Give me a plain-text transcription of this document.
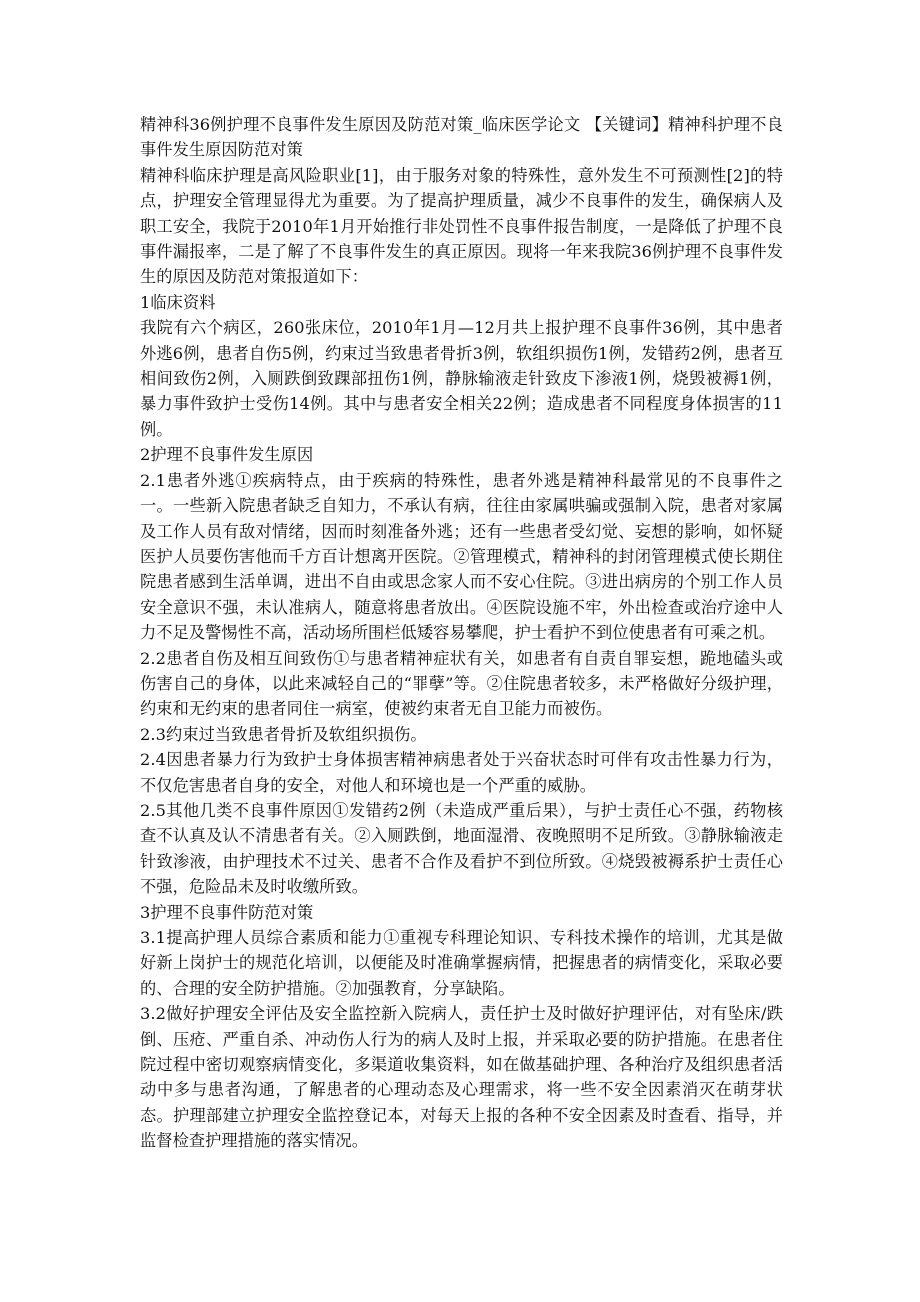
精神科36例护理不良事件发生原因及防范对策_临床医学论文 【关键词】精神科护理不良事件发生原因防范对策

精神科临床护理是高风险职业[1]，由于服务对象的特殊性，意外发生不可预测性[2]的特点，护理安全管理显得尤为重要。为了提高护理质量，减少不良事件的发生，确保病人及职工安全，我院于2010年1月开始推行非处罚性不良事件报告制度，一是降低了护理不良事件漏报率，二是了解了不良事件发生的真正原因。现将一年来我院36例护理不良事件发生的原因及防范对策报道如下：

1临床资料

我院有六个病区，260张床位，2010年1月—12月共上报护理不良事件36例，其中患者外逃6例，患者自伤5例，约束过当致患者骨折3例，软组织损伤1例，发错药2例，患者互相间致伤2例，入厕跌倒致踝部扭伤1例，静脉输液走针致皮下渗液1例，烧毁被褥1例，暴力事件致护士受伤14例。其中与患者安全相关22例；造成患者不同程度身体损害的11例。

2护理不良事件发生原因

2.1患者外逃①疾病特点，由于疾病的特殊性，患者外逃是精神科最常见的不良事件之一。一些新入院患者缺乏自知力，不承认有病，往往由家属哄骗或强制入院，患者对家属及工作人员有敌对情绪，因而时刻准备外逃；还有一些患者受幻觉、妄想的影响，如怀疑医护人员要伤害他而千方百计想离开医院。②管理模式，精神科的封闭管理模式使长期住院患者感到生活单调，进出不自由或思念家人而不安心住院。③进出病房的个别工作人员安全意识不强，未认准病人，随意将患者放出。④医院设施不牢，外出检查或治疗途中人力不足及警惕性不高，活动场所围栏低矮容易攀爬，护士看护不到位使患者有可乘之机。

2.2患者自伤及相互间致伤①与患者精神症状有关，如患者有自责自罪妄想，跪地磕头或伤害自己的身体，以此来减轻自己的“罪孽”等。②住院患者较多，未严格做好分级护理，约束和无约束的患者同住一病室，使被约束者无自卫能力而被伤。

2.3约束过当致患者骨折及软组织损伤。

2.4因患者暴力行为致护士身体损害精神病患者处于兴奋状态时可伴有攻击性暴力行为，不仅危害患者自身的安全，对他人和环境也是一个严重的威胁。

2.5其他几类不良事件原因①发错药2例（未造成严重后果），与护士责任心不强，药物核查不认真及认不清患者有关。②入厕跌倒，地面湿滑、夜晚照明不足所致。③静脉输液走针致渗液，由护理技术不过关、患者不合作及看护不到位所致。④烧毁被褥系护士责任心不强，危险品未及时收缴所致。

3护理不良事件防范对策

3.1提高护理人员综合素质和能力①重视专科理论知识、专科技术操作的培训，尤其是做好新上岗护士的规范化培训，以便能及时准确掌握病情，把握患者的病情变化，采取必要的、合理的安全防护措施。②加强教育，分享缺陷。

3.2做好护理安全评估及安全监控新入院病人，责任护士及时做好护理评估，对有坠床/跌倒、压疮、严重自杀、冲动伤人行为的病人及时上报，并采取必要的防护措施。在患者住院过程中密切观察病情变化，多渠道收集资料，如在做基础护理、各种治疗及组织患者活动中多与患者沟通，了解患者的心理动态及心理需求，将一些不安全因素消灭在萌芽状态。护理部建立护理安全监控登记本，对每天上报的各种不安全因素及时查看、指导，并监督检查护理措施的落实情况。
